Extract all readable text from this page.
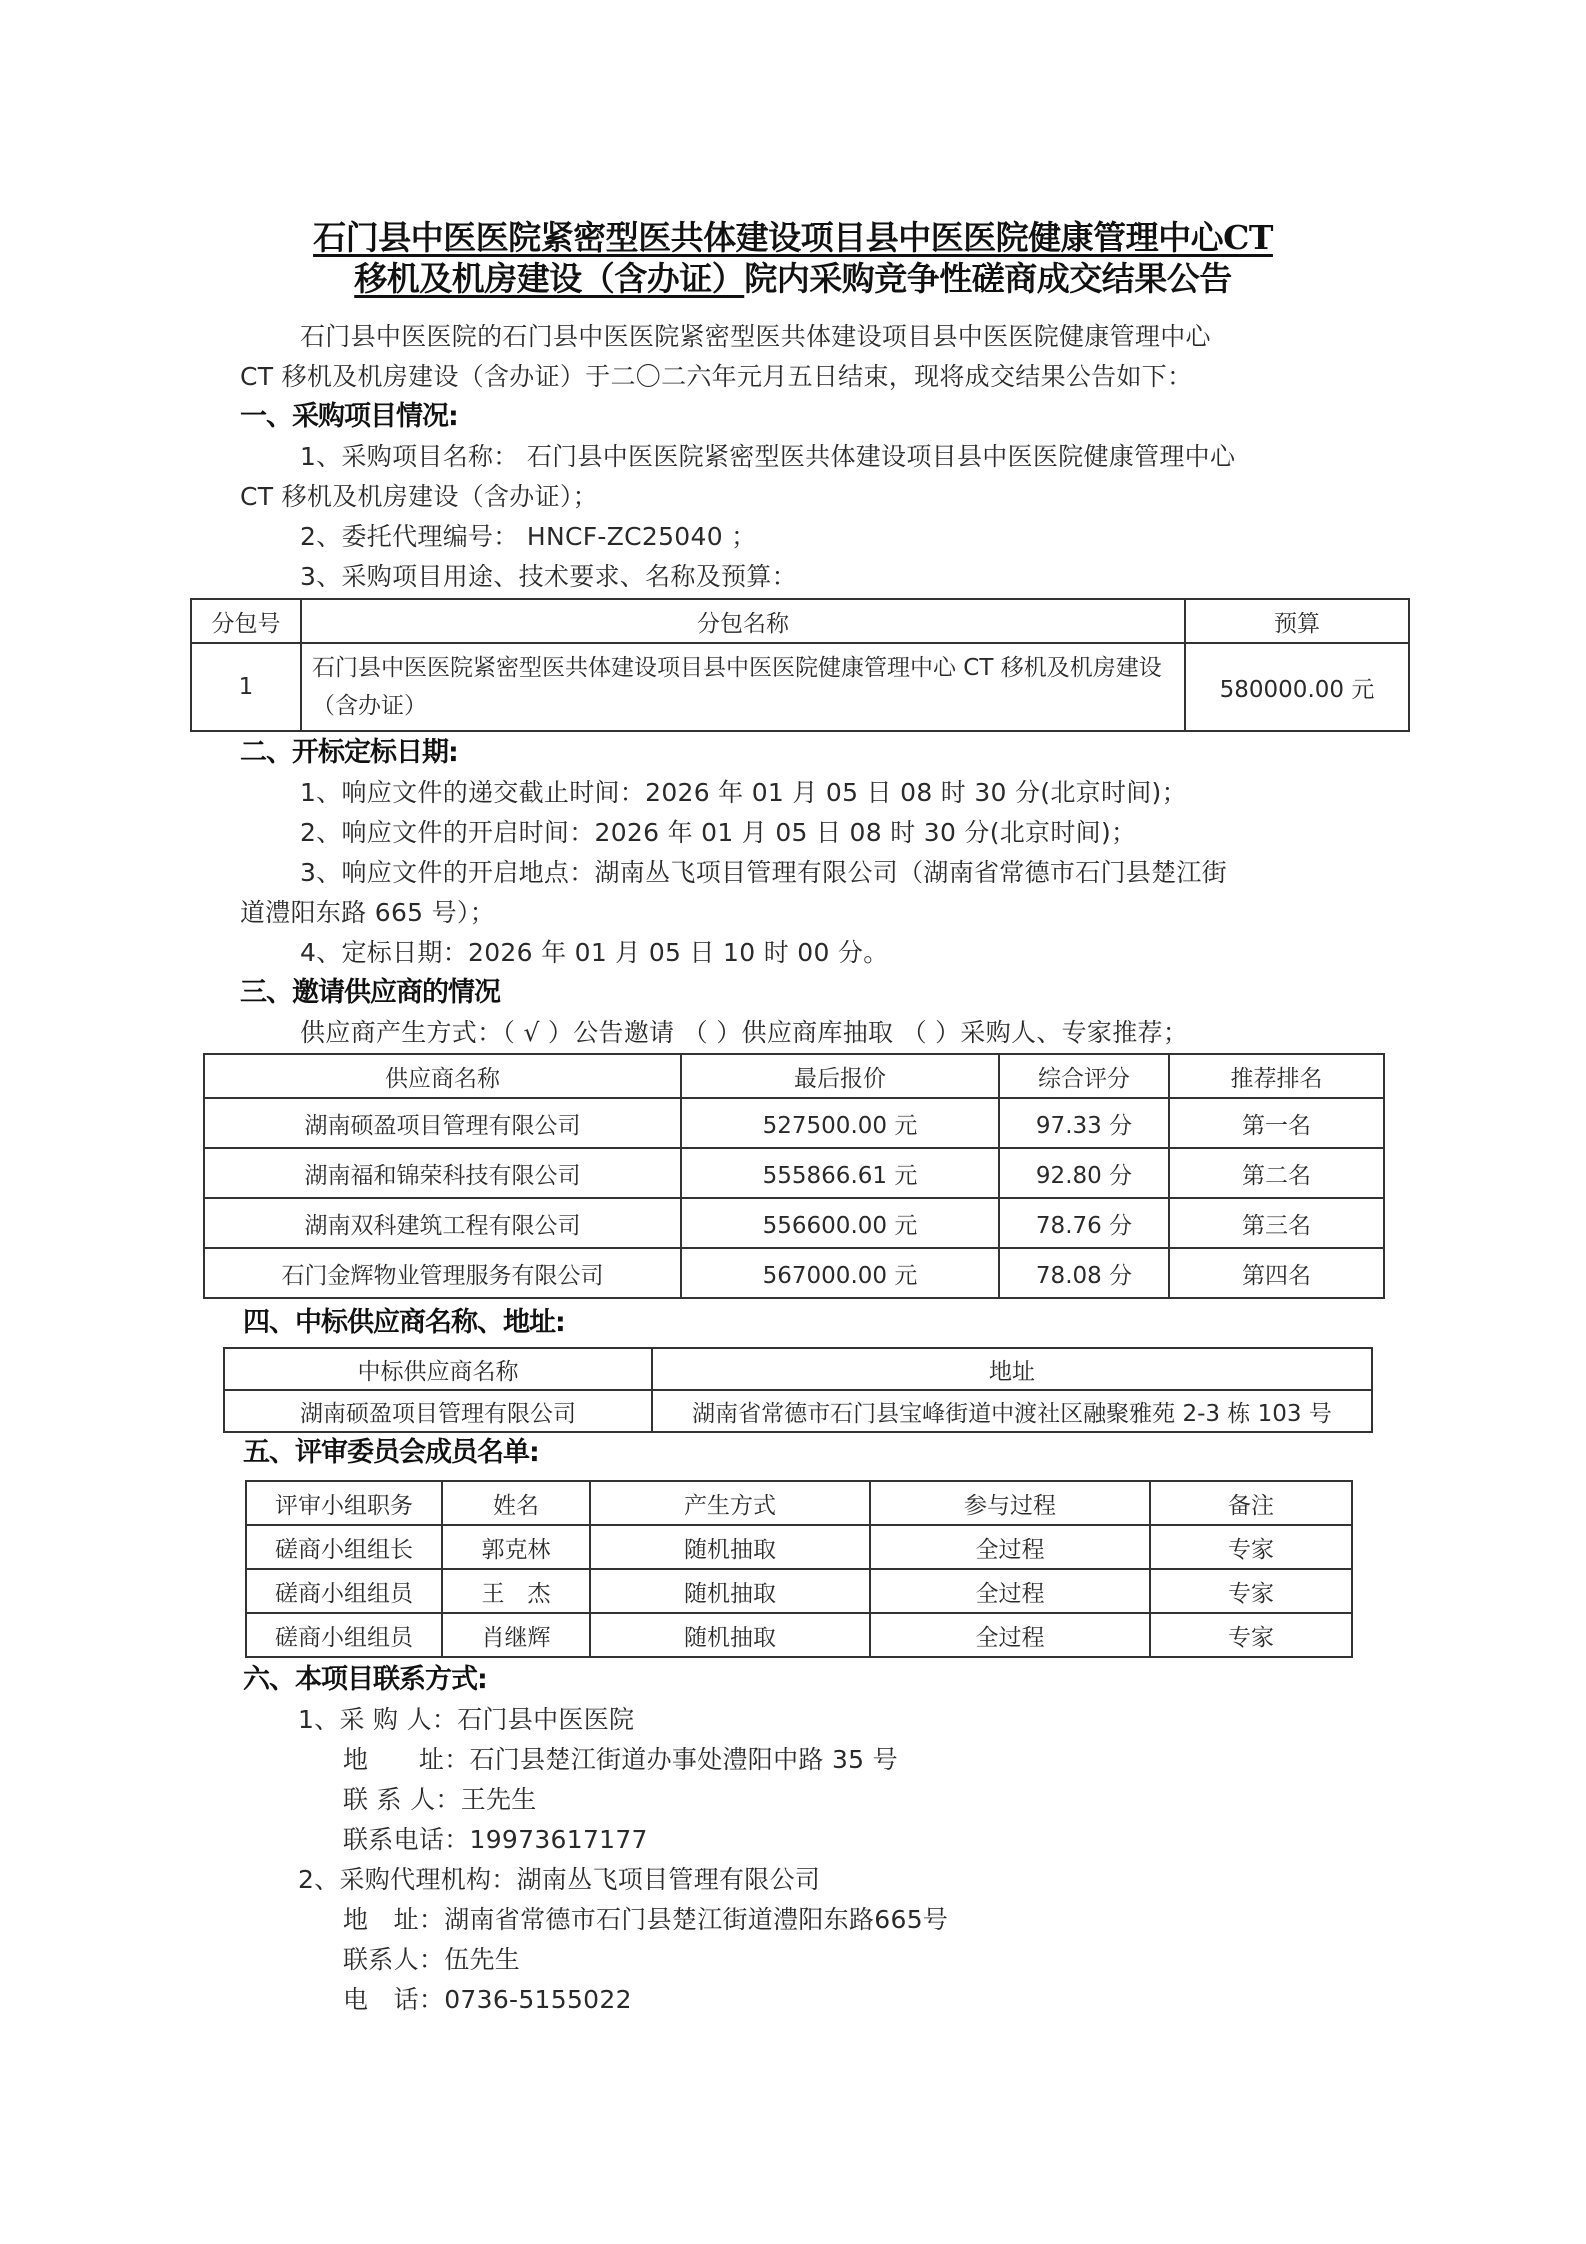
石门县中医医院紧密型医共体建设项目县中医医院健康管理中心CT
移机及机房建设（含办证）院内采购竞争性磋商成交结果公告
石门县中医医院的石门县中医医院紧密型医共体建设项目县中医医院健康管理中心
CT 移机及机房建设（含办证）于二〇二六年元月五日结束，现将成交结果公告如下：
一、采购项目情况:
1、采购项目名称： 石门县中医医院紧密型医共体建设项目县中医医院健康管理中心
CT 移机及机房建设（含办证）；
2、委托代理编号： HNCF-ZC25040 ；
3、采购项目用途、技术要求、名称及预算：
分包号	分包名称	预算
1	石门县中医医院紧密型医共体建设项目县中医医院健康管理中心 CT 移机及机房建设（含办证）	580000.00 元
二、开标定标日期:
1、响应文件的递交截止时间：2026 年 01 月 05 日 08 时 30 分(北京时间)；
2、响应文件的开启时间：2026 年 01 月 05 日 08 时 30 分(北京时间)；
3、响应文件的开启地点：湖南丛飞项目管理有限公司（湖南省常德市石门县楚江街
道澧阳东路 665 号）；
4、定标日期：2026 年 01 月 05 日 10 时 00 分。
三、邀请供应商的情况
供应商产生方式：（ √ ）公告邀请 （ ）供应商库抽取 （ ）采购人、专家推荐；
供应商名称	最后报价	综合评分	推荐排名
湖南硕盈项目管理有限公司	527500.00 元	97.33 分	第一名
湖南福和锦荣科技有限公司	555866.61 元	92.80 分	第二名
湖南双科建筑工程有限公司	556600.00 元	78.76 分	第三名
石门金辉物业管理服务有限公司	567000.00 元	78.08 分	第四名
四、中标供应商名称、地址:
中标供应商名称	地址
湖南硕盈项目管理有限公司	湖南省常德市石门县宝峰街道中渡社区融聚雅苑 2-3 栋 103 号
五、评审委员会成员名单:
评审小组职务	姓名	产生方式	参与过程	备注
磋商小组组长	郭克林	随机抽取	全过程	专家
磋商小组组员	王　杰	随机抽取	全过程	专家
磋商小组组员	肖继辉	随机抽取	全过程	专家
六、本项目联系方式:
1、采 购 人：石门县中医医院
地　　址：石门县楚江街道办事处澧阳中路 35 号
联 系 人：王先生
联系电话：19973617177
2、采购代理机构：湖南丛飞项目管理有限公司
地　址：湖南省常德市石门县楚江街道澧阳东路665号
联系人：伍先生
电　话：0736-5155022
